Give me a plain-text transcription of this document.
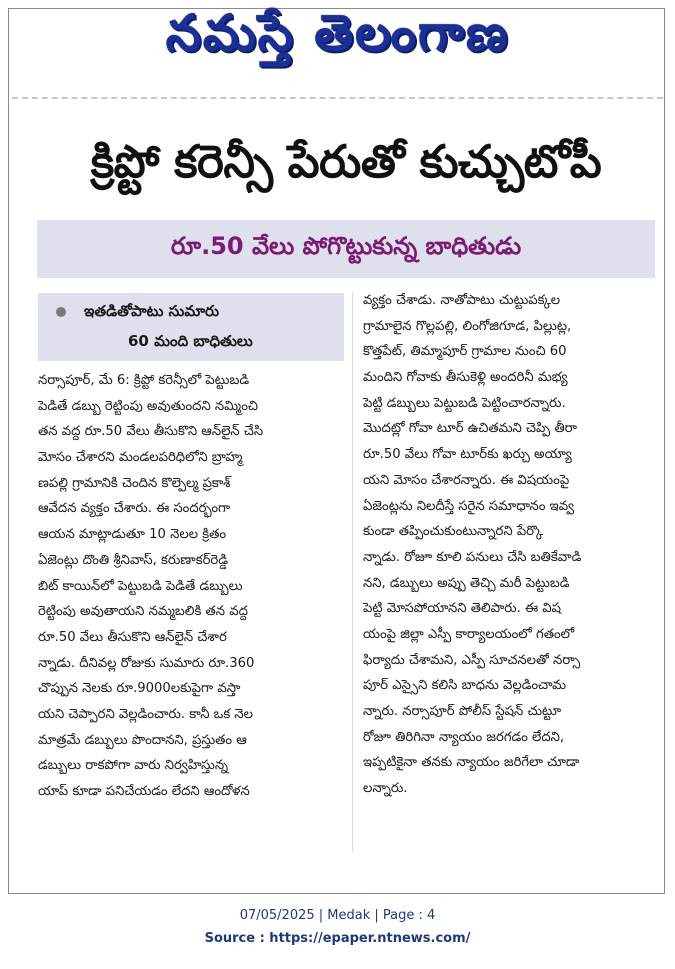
నమస్తే తెలంగాణ
క్రిప్టో కరెన్సీ పేరుతో కుచ్చుటోపీ
రూ.50 వేలు పోగొట్టుకున్న బాధితుడు
ఇతడితోపాటు సుమారు
60 మంది బాధితులు
నర్సాపూర్, మే 6: క్రిప్టో కరెన్సీలో పెట్టుబడి
పెడితే డబ్బు రెట్టింపు అవుతుందని నమ్మించి
తన వద్ద రూ.50 వేలు తీసుకొని ఆన్‌లైన్ చేసి
మోసం చేశారని మండలపరిధిలోని బ్రాహ్మ
ణపల్లి గ్రామానికి చెందిన కొల్పెల్మ ప్రకాశ్
ఆవేదన వ్యక్తం చేశారు. ఈ సందర్భంగా
ఆయన మాట్లాడుతూ 10 నెలల క్రితం
ఏజెంట్లు దొంతి శ్రీనివాస్, కరుణాకర్‌రెడ్డి
బిట్ కాయిన్‌లో పెట్టుబడి పెడితే డబ్బులు
రెట్టింపు అవుతాయని నమ్మబలికి తన వద్ద
రూ.50 వేలు తీసుకొని ఆన్‌లైన్ చేశార
న్నాడు. దీనివల్ల రోజుకు సుమారు రూ.360
చొప్పున నెలకు రూ.9000లకుపైగా వస్తా
యని చెప్పారని వెల్లడించారు. కానీ ఒక నెల
మాత్రమే డబ్బులు పొందానని, ప్రస్తుతం ఆ
డబ్బులు రాకపోగా వారు నిర్వహిస్తున్న
యాప్ కూడా పనిచేయడం లేదని ఆందోళన
వ్యక్తం చేశాడు. నాతోపాటు చుట్టుపక్కల
గ్రామాలైన గొల్లపల్లి, లింగోజిగూడ, పిల్లుట్ల,
కొత్తపేట్, తిమ్మాపూర్ గ్రామాల నుంచి 60
మందిని గోవాకు తీసుకెళ్లి అందరినీ మభ్య
పెట్టి డబ్బులు పెట్టుబడి పెట్టించారన్నారు.
మొదట్లో గోవా టూర్ ఉచితమని చెప్పి తీరా
రూ.50 వేలు గోవా టూర్‌కు ఖర్చు అయ్యా
యని మోసం చేశారన్నారు. ఈ విషయంపై
ఏజెంట్లను నిలదీస్తే సరైన సమాధానం ఇవ్వ
కుండా తప్పించుకుంటున్నారని పేర్కొ
న్నాడు. రోజూ కూలి పనులు చేసి బతికేవాడి
నని, డబ్బులు అప్పు తెచ్చి మరీ పెట్టుబడి
పెట్టి మోసపోయానని తెలిపారు. ఈ విష
యంపై జిల్లా ఎస్పీ కార్యాలయంలో గతంలో
ఫిర్యాదు చేశామని, ఎస్పీ సూచనలతో నర్సా
పూర్ ఎస్సైని కలిసి బాధను వెల్లడించామ
న్నారు. నర్సాపూర్ పోలీస్ స్టేషన్ చుట్టూ
రోజూ తిరిగినా న్యాయం జరగడం లేదని,
ఇప్పటికైనా తనకు న్యాయం జరిగేలా చూడా
లన్నారు.
07/05/2025 | Medak | Page : 4
Source : https://epaper.ntnews.com/
